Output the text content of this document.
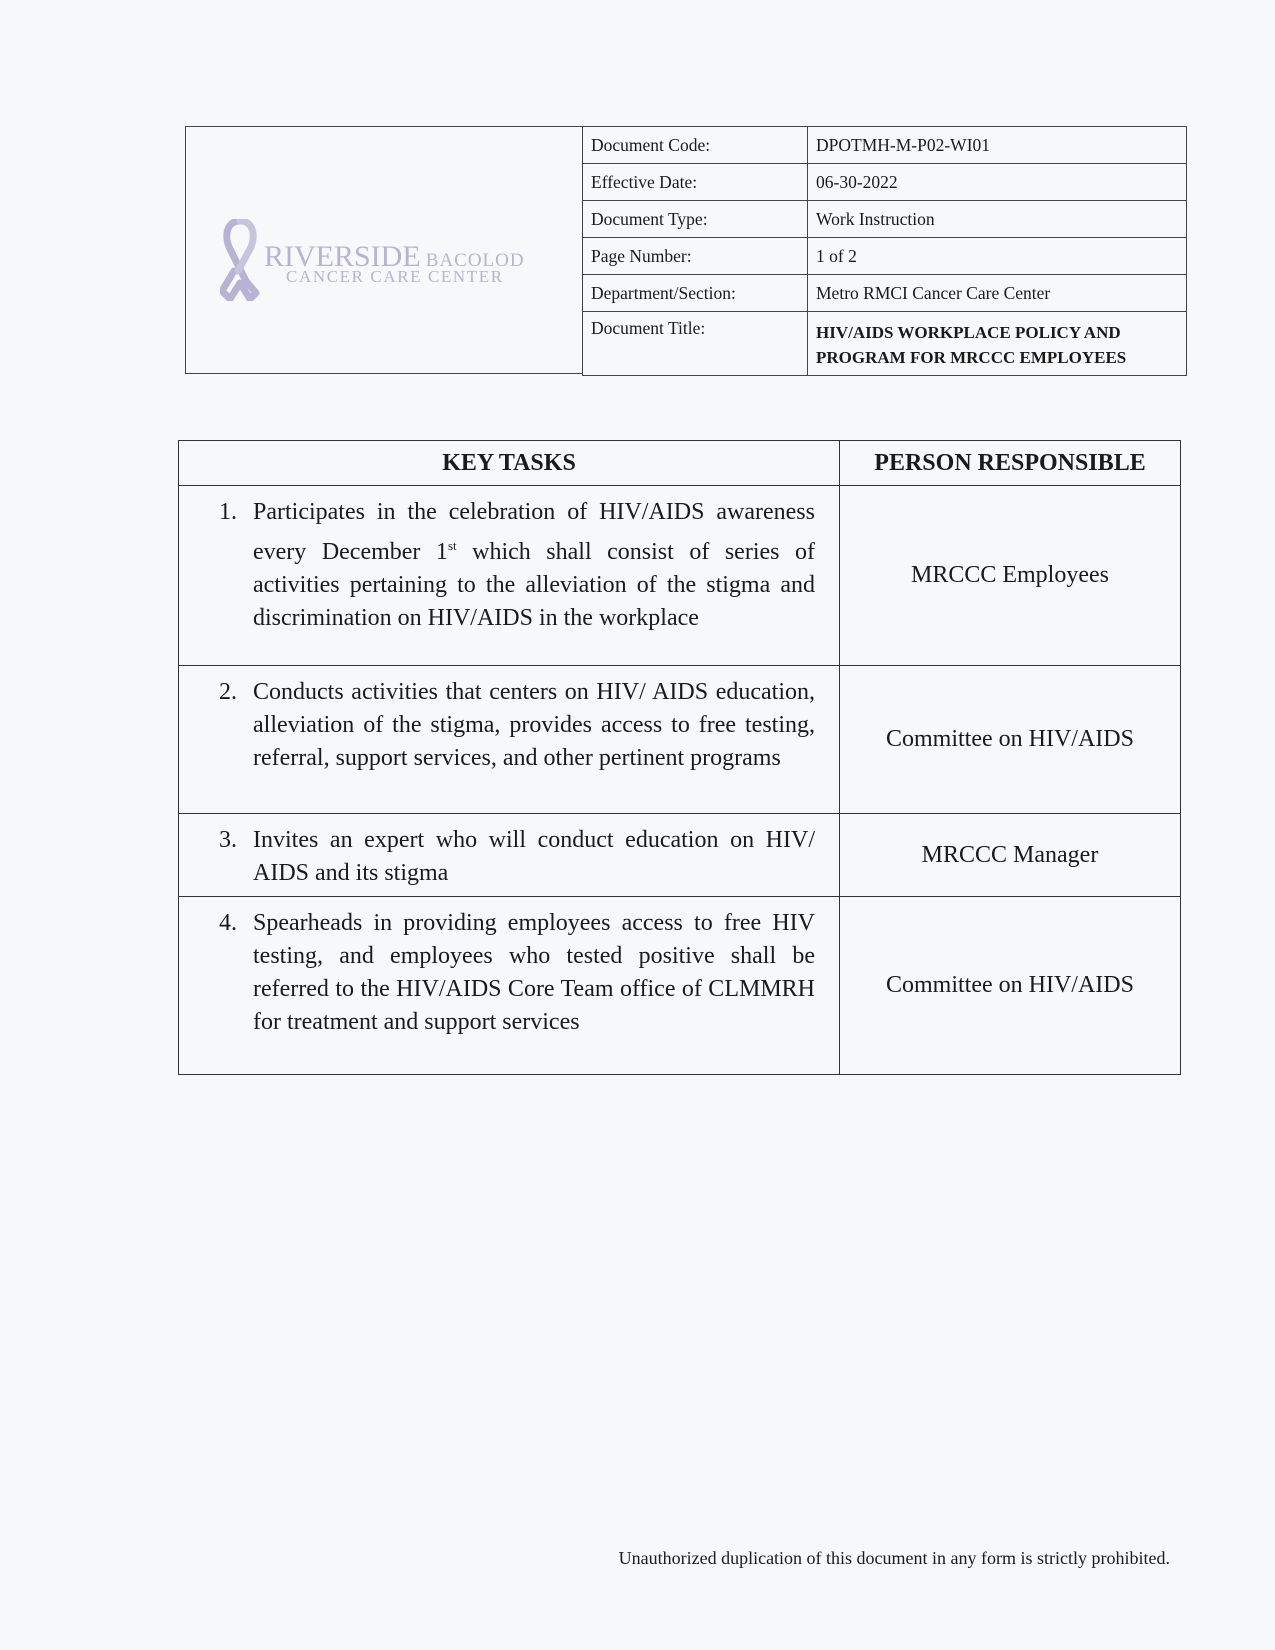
RIVERSIDE BACOLOD
CANCER CARE CENTER
Document Code:	DPOTMH-M-P02-WI01
Effective Date:	06-30-2022
Document Type:	Work Instruction
Page Number:	1 of 2
Department/Section:	Metro RMCI Cancer Care Center
Document Title:	HIV/AIDS WORKPLACE POLICY AND
PROGRAM FOR MRCCC EMPLOYEES
KEY TASKS	PERSON RESPONSIBLE

1. Participates in the celebration of HIV/AIDS awareness every December 1st which shall consist of series of activities pertaining to the alleviation of the stigma and discrimination on HIV/AIDS in the workplace	MRCCC Employees

2. Conducts activities that centers on HIV/ AIDS education, alleviation of the stigma, provides access to free testing, referral, support services, and other pertinent programs	Committee on HIV/AIDS

3. Invites an expert who will conduct education on HIV/ AIDS and its stigma	MRCCC Manager

4. Spearheads in providing employees access to free HIV testing, and employees who tested positive shall be referred to the HIV/AIDS Core Team office of CLMMRH for treatment and support services	Committee on HIV/AIDS
Unauthorized duplication of this document in any form is strictly prohibited.
